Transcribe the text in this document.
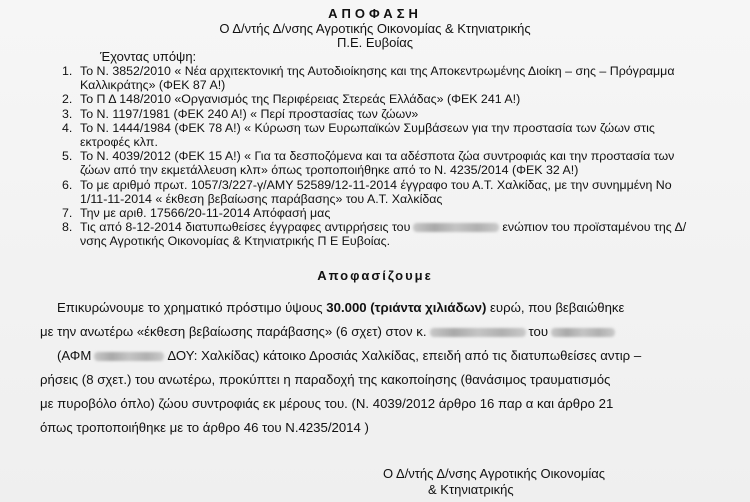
ΑΠΟΦΑΣΗ
Ο Δ/ντής Δ/νσης Αγροτικής Οικονομίας & Κτηνιατρικής
Π.Ε. Ευβοίας
Έχοντας υπόψη:
1. Το Ν. 3852/2010 « Νέα αρχιτεκτονική της Αυτοδιοίκησης και της Αποκεντρωμένης Διοίκη – σης – Πρόγραμμα Καλλικράτης» (ΦΕΚ 87 Α!)
2. Το Π Δ 148/2010 «Οργανισμός της Περιφέρειας Στερεάς Ελλάδας» (ΦΕΚ 241 Α!)
3. Το Ν. 1197/1981 (ΦΕΚ 240 Α!) « Περί προστασίας των ζώων»
4. Το Ν. 1444/1984 (ΦΕΚ 78 Α!) « Κύρωση των Ευρωπαϊκών Συμβάσεων για την προστασία των ζώων στις εκτροφές κλπ.
5. Το Ν. 4039/2012 (ΦΕΚ 15 Α!) « Για τα δεσποζόμενα και τα αδέσποτα ζώα συντροφιάς και την προστασία των ζώων από την εκμετάλλευση κλπ» όπως τροποποιήθηκε από το Ν. 4235/2014 (ΦΕΚ 32 Α!)
6. Το με αριθμό πρωτ. 1057/3/227-γ/ΑΜΥ 52589/12-11-2014 έγγραφο του Α.Τ. Χαλκίδας, με την συνημμένη Νο 1/11-11-2014 « έκθεση βεβαίωσης παράβασης» του Α.Τ. Χαλκίδας
7. Την με αριθ. 17566/20-11-2014 Απόφασή μας
8. Τις από 8-12-2014 διατυπωθείσες έγγραφες αντιρρήσεις του	ενώπιον του προϊσταμένου της Δ/νσης Αγροτικής Οικονομίας & Κτηνιατρικής Π Ε Ευβοίας.
Αποφασίζουμε
Επικυρώνουμε το χρηματικό πρόστιμο ύψους 30.000 (τριάντα χιλιάδων) ευρώ, που βεβαιώθηκε
με την ανωτέρω «έκθεση βεβαίωσης παράβασης» (6 σχετ) στον κ.	του
(ΑΦΜ	ΔΟΥ: Χαλκίδας) κάτοικο Δροσιάς Χαλκίδας, επειδή από τις διατυπωθείσες αντιρ –
ρήσεις (8 σχετ.) του ανωτέρω, προκύπτει η παραδοχή της κακοποίησης (θανάσιμος τραυματισμός
με πυροβόλο όπλο) ζώου συντροφιάς εκ μέρους του. (Ν. 4039/2012 άρθρο 16 παρ α και άρθρο 21
όπως τροποποιήθηκε με το άρθρο 46 του Ν.4235/2014 )
Ο Δ/ντής Δ/νσης Αγροτικής Οικονομίας
& Κτηνιατρικής
